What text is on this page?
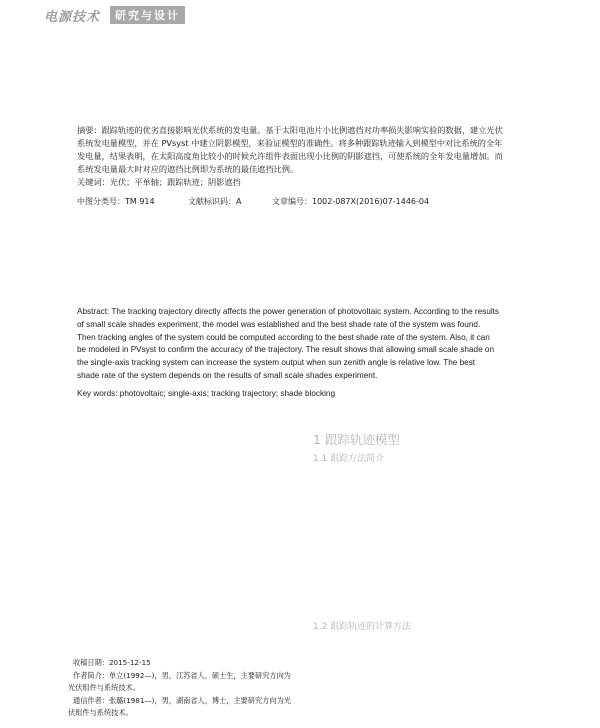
电源技术	研究与设计
摘要：跟踪轨迹的优劣直接影响光伏系统的发电量。基于太阳电池片小比例遮挡对功率损失影响实验的数据，建立光伏
系统发电量模型，并在 PVsyst 中建立阴影模型，来验证模型的准确性。将多种跟踪轨迹输入到模型中对比系统的全年
发电量，结果表明，在太阳高度角比较小的时候允许组件表面出现小比例的阴影遮挡，可使系统的全年发电量增加。而
系统发电量最大时对应的遮挡比例即为系统的最佳遮挡比例。
关键词：光伏；平单轴；跟踪轨迹；阴影遮挡
中图分类号：TM 914	文献标识码：A	文章编号：1002-087X(2016)07-1446-04
Abstract: The tracking trajectory directly affects the power generation of photovoltaic system. According to the results
of small scale shades experiment, the model was established and the best shade rate of the system was found.
Then tracking angles of the system could be computed according to the best shade rate of the system. Also, it can
be modeled in PVsyst to confirm the accuracy of the trajectory. The result shows that allowing small scale shade on
the single-axis tracking system can increase the system output when sun zenith angle is relative low. The best
shade rate of the system depends on the results of small scale shades experiment.
Key words: photovoltaic; single-axis; tracking trajectory; shade blocking
1 跟踪轨迹模型
1.1 跟踪方法简介
1.2 跟踪轨迹的计算方法
收稿日期：2015-12-15
作者简介：单立(1992—)，男，江苏省人，硕士生，主要研究方向为
光伏组件与系统技术。
通信作者：张璐(1981—)，男，湖南省人，博士，主要研究方向为光
伏组件与系统技术。
